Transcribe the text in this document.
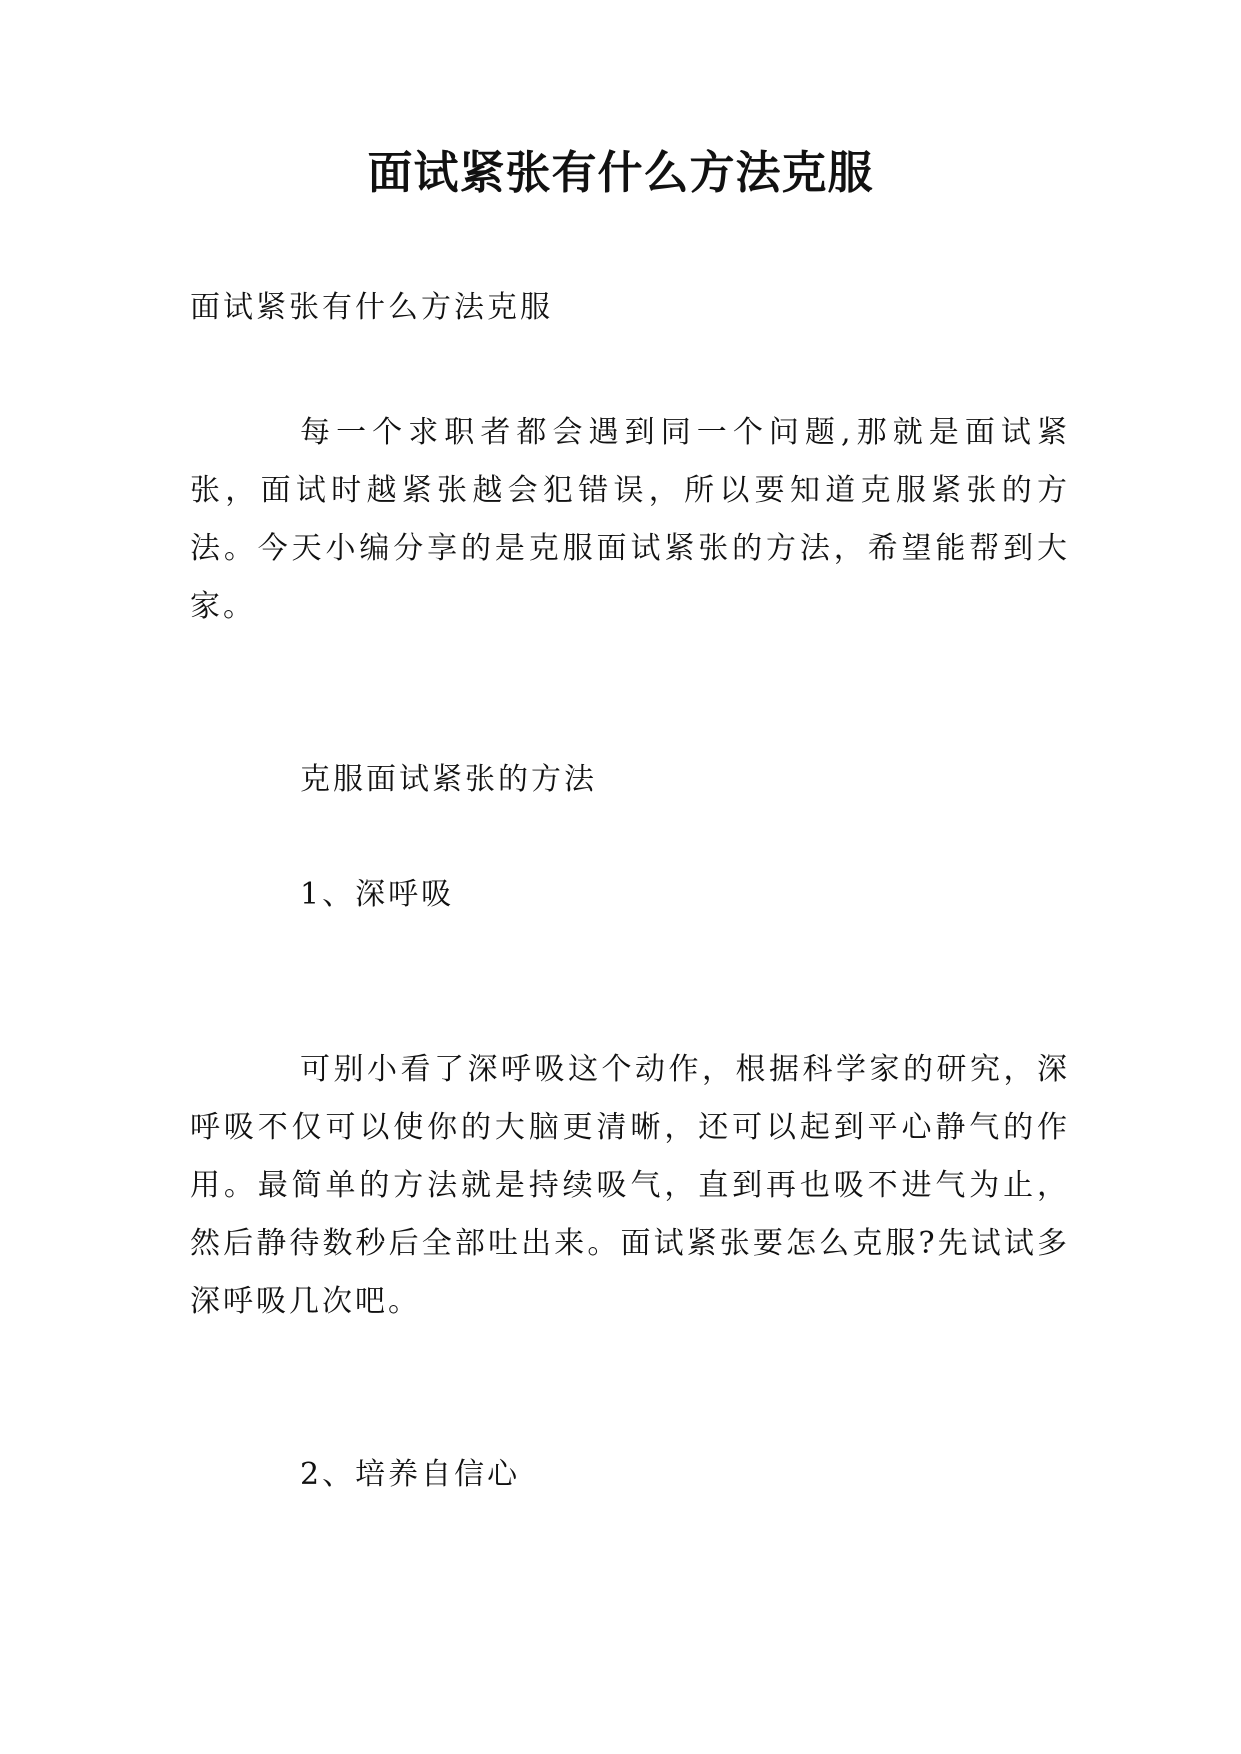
面试紧张有什么方法克服

面试紧张有什么方法克服

每一个求职者都会遇到同一个问题,那就是面试紧张，面试时越紧张越会犯错误，所以要知道克服紧张的方法。今天小编分享的是克服面试紧张的方法，希望能帮到大家。

克服面试紧张的方法

1、深呼吸

可别小看了深呼吸这个动作，根据科学家的研究，深呼吸不仅可以使你的大脑更清晰，还可以起到平心静气的作用。最简单的方法就是持续吸气，直到再也吸不进气为止，然后静待数秒后全部吐出来。面试紧张要怎么克服?先试试多深呼吸几次吧。

2、培养自信心
